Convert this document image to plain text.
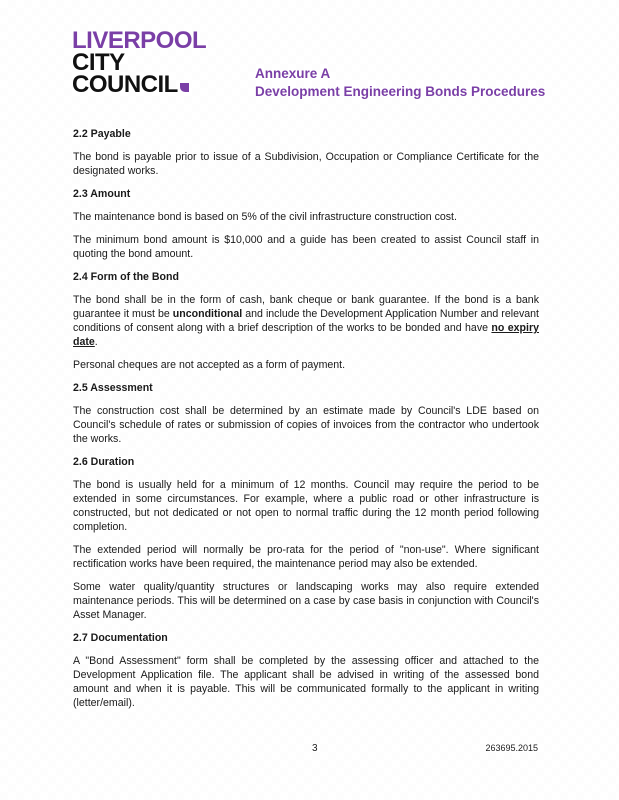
LIVERPOOL
CITY
COUNCIL	Annexure A
Development Engineering Bonds Procedures
2.2 Payable
The bond is payable prior to issue of a Subdivision, Occupation or Compliance Certificate for the designated works.
2.3 Amount
The maintenance bond is based on 5% of the civil infrastructure construction cost.
The minimum bond amount is $10,000 and a guide has been created to assist Council staff in quoting the bond amount.
2.4 Form of the Bond
The bond shall be in the form of cash, bank cheque or bank guarantee. If the bond is a bank guarantee it must be unconditional and include the Development Application Number and relevant conditions of consent along with a brief description of the works to be bonded and have no expiry date.
Personal cheques are not accepted as a form of payment.
2.5 Assessment
The construction cost shall be determined by an estimate made by Council's LDE based on Council's schedule of rates or submission of copies of invoices from the contractor who undertook the works.
2.6 Duration
The bond is usually held for a minimum of 12 months. Council may require the period to be extended in some circumstances. For example, where a public road or other infrastructure is constructed, but not dedicated or not open to normal traffic during the 12 month period following completion.
The extended period will normally be pro-rata for the period of "non-use". Where significant rectification works have been required, the maintenance period may also be extended.
Some water quality/quantity structures or landscaping works may also require extended maintenance periods. This will be determined on a case by case basis in conjunction with Council's Asset Manager.
2.7 Documentation
A "Bond Assessment" form shall be completed by the assessing officer and attached to the Development Application file. The applicant shall be advised in writing of the assessed bond amount and when it is payable. This will be communicated formally to the applicant in writing (letter/email).
3	263695.2015
